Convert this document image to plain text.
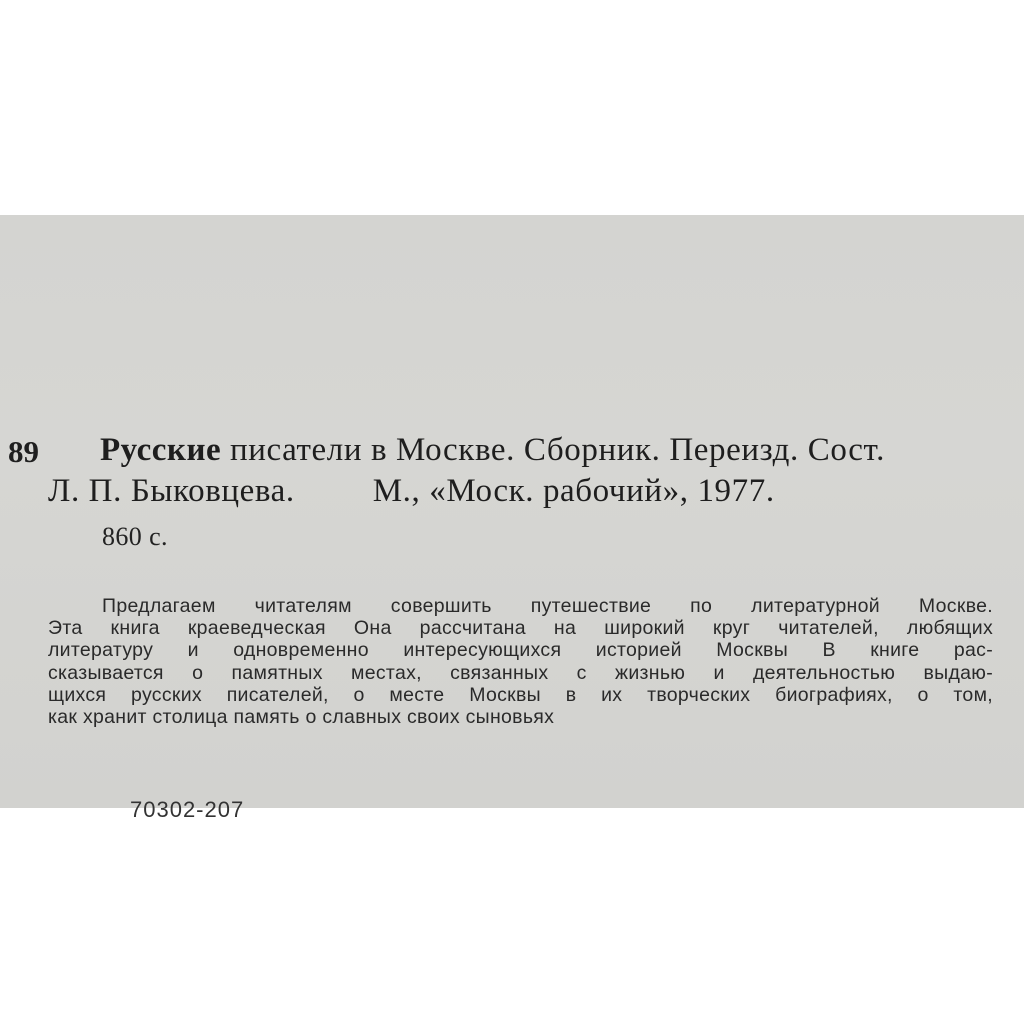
89 Русские писатели в Москве. Сборник. Переизд. Сост.
Л. П. Быковцева. М., «Моск. рабочий», 1977.
860 с.
Предлагаем читателям совершить путешествие по литературной Москве.
Эта книга краеведческая Она рассчитана на широкий круг читателей, любящих
литературу и одновременно интересующихся историей Москвы В книге рас-
сказывается о памятных местах, связанных с жизнью и деятельностью выдаю-
щихся русских писателей, о месте Москвы в их творческих биографиях, о том,
как хранит столица память о славных своих сыновьях
70302-207
